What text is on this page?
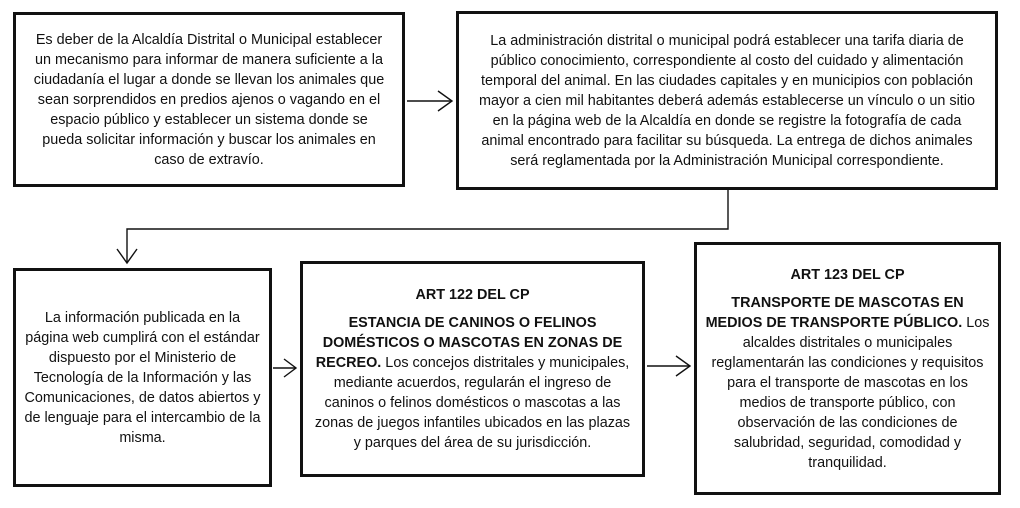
Es deber de la Alcaldía Distrital o Municipal establecer un mecanismo para informar de manera suficiente a la ciudadanía el lugar a donde se llevan los animales que sean sorprendidos en predios ajenos o vagando en el espacio público y establecer un sistema donde se pueda solicitar información y buscar los animales en caso de extravío.

La administración distrital o municipal podrá establecer una tarifa diaria de público conocimiento, correspondiente al costo del cuidado y alimentación temporal del animal. En las ciudades capitales y en municipios con población mayor a cien mil habitantes deberá además establecerse un vínculo o un sitio en la página web de la Alcaldía en donde se registre la fotografía de cada animal encontrado para facilitar su búsqueda. La entrega de dichos animales será reglamentada por la Administración Municipal correspondiente.

La información publicada en la página web cumplirá con el estándar dispuesto por el Ministerio de Tecnología de la Información y las Comunicaciones, de datos abiertos y de lenguaje para el intercambio de la misma.

ART 122 DEL CP

ESTANCIA DE CANINOS O FELINOS DOMÉSTICOS O MASCOTAS EN ZONAS DE RECREO. Los concejos distritales y municipales, mediante acuerdos, regularán el ingreso de caninos o felinos domésticos o mascotas a las zonas de juegos infantiles ubicados en las plazas y parques del área de su jurisdicción.

ART 123 DEL CP

TRANSPORTE DE MASCOTAS EN MEDIOS DE TRANSPORTE PÚBLICO. Los alcaldes distritales o municipales reglamentarán las condiciones y requisitos para el transporte de mascotas en los medios de transporte público, con observación de las condiciones de salubridad, seguridad, comodidad y tranquilidad.
